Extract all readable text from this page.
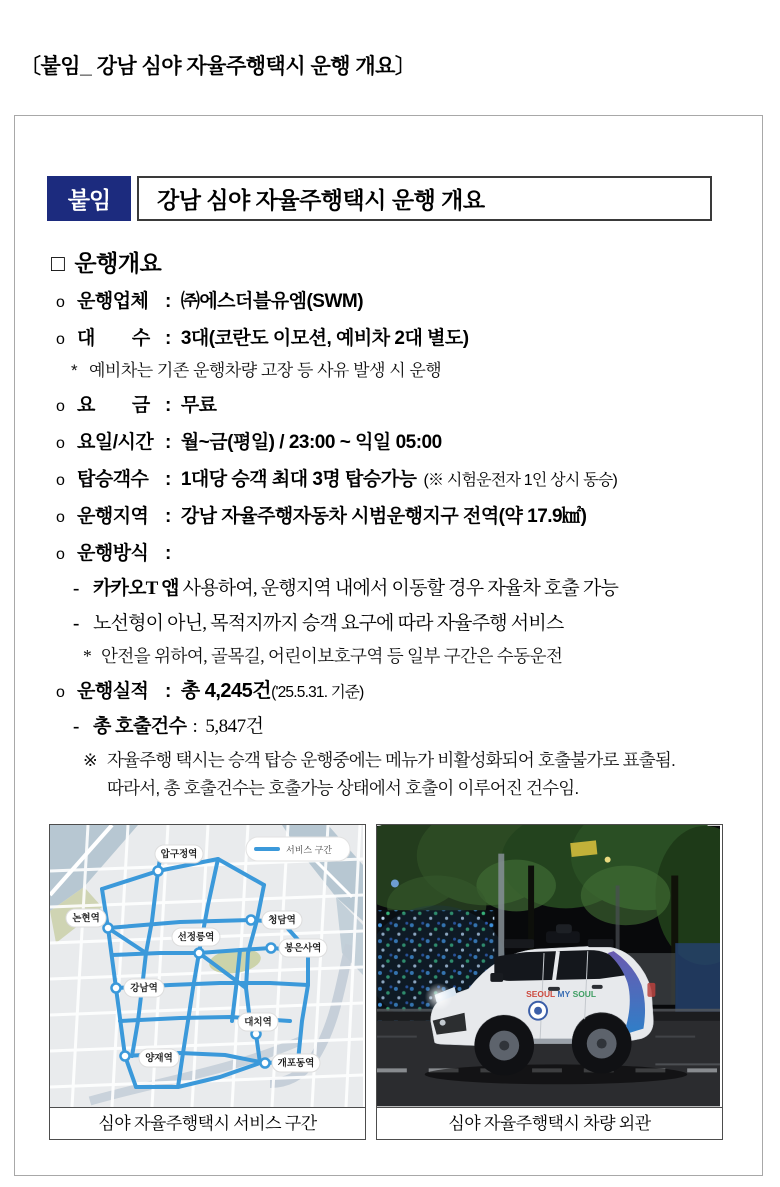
〔붙임_ 강남 심야 자율주행택시 운행 개요〕
붙임	강남 심야 자율주행택시 운행 개요
□ 운행개요
o 운행업체 : ㈜에스더블유엠(SWM)
o 대　　수 : 3대(코란도 이모션, 예비차 2대 별도)
* 예비차는 기존 운행차량 고장 등 사유 발생 시 운행
o 요　　금 : 무료
o 요일/시간 : 월~금(평일) / 23:00 ~ 익일 05:00
o 탑승객수 : 1대당 승객 최대 3명 탑승가능 (※ 시험운전자 1인 상시 동승)
o 운행지역 : 강남 자율주행자동차 시범운행지구 전역(약 17.9㎢)
o 운행방식 :
- 카카오T 앱 사용하여, 운행지역 내에서 이동할 경우 자율차 호출 가능
- 노선형이 아닌, 목적지까지 승객 요구에 따라 자율주행 서비스
* 안전을 위하여, 골목길, 어린이보호구역 등 일부 구간은 수동운전
o 운행실적 : 총 4,245건 ('25.5.31. 기준)
- 총 호출건수 : 5,847건
※ 자율주행 택시는 승객 탑승 운행중에는 메뉴가 비활성화되어 호출불가로 표출됨.
따라서, 총 호출건수는 호출가능 상태에서 호출이 이루어진 건수임.
압구정역
논현역	청담역
선정릉역
봉은사역
강남역
대치역
양재역	개포동역
서비스 구간
심야 자율주행택시 서비스 구간
SEOUL MY SOUL
심야 자율주행택시 차량 외관
